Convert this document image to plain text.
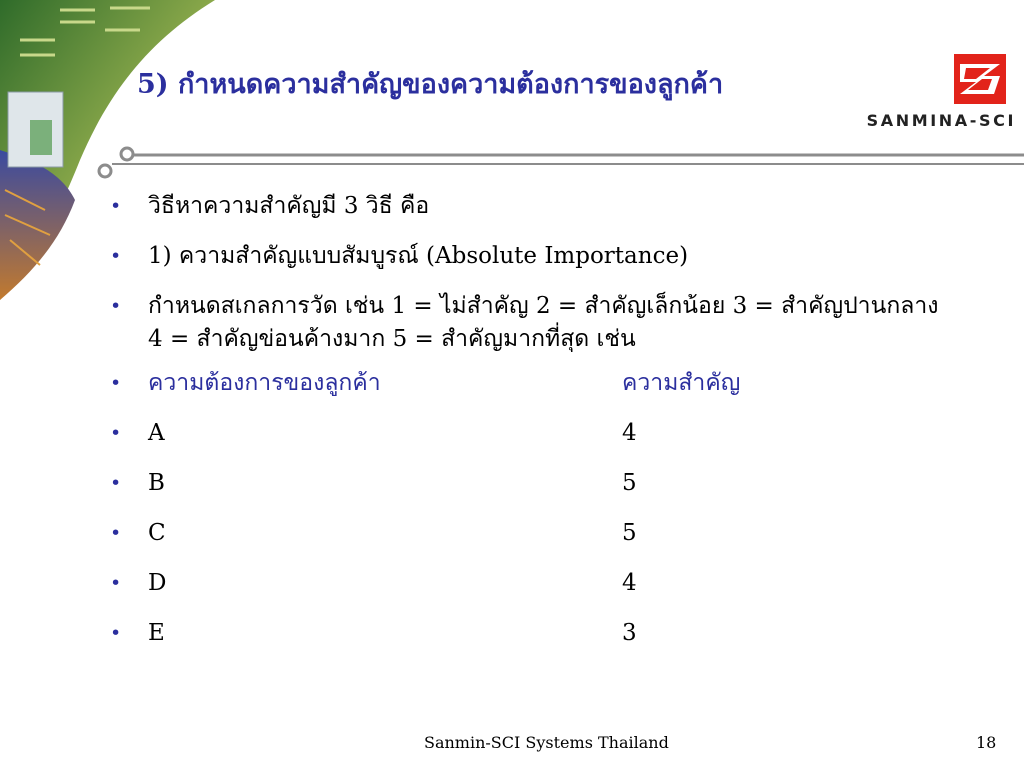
5) กำหนดความสำคัญของความต้องการของลูกค้า
SANMINA-SCI
• วิธีหาความสำคัญมี 3 วิธี คือ
• 1) ความสำคัญแบบสัมบูรณ์ (Absolute Importance)
• กำหนดสเกลการวัด เช่น 1 = ไม่สำคัญ 2 = สำคัญเล็กน้อย 3 = สำคัญปานกลาง
4 = สำคัญข่อนค้างมาก 5 = สำคัญมากที่สุด เช่น
• ความต้องการของลูกค้า	ความสำคัญ
• A	4
• B	5
• C	5
• D	4
• E	3
Sanmin-SCI Systems Thailand	18
